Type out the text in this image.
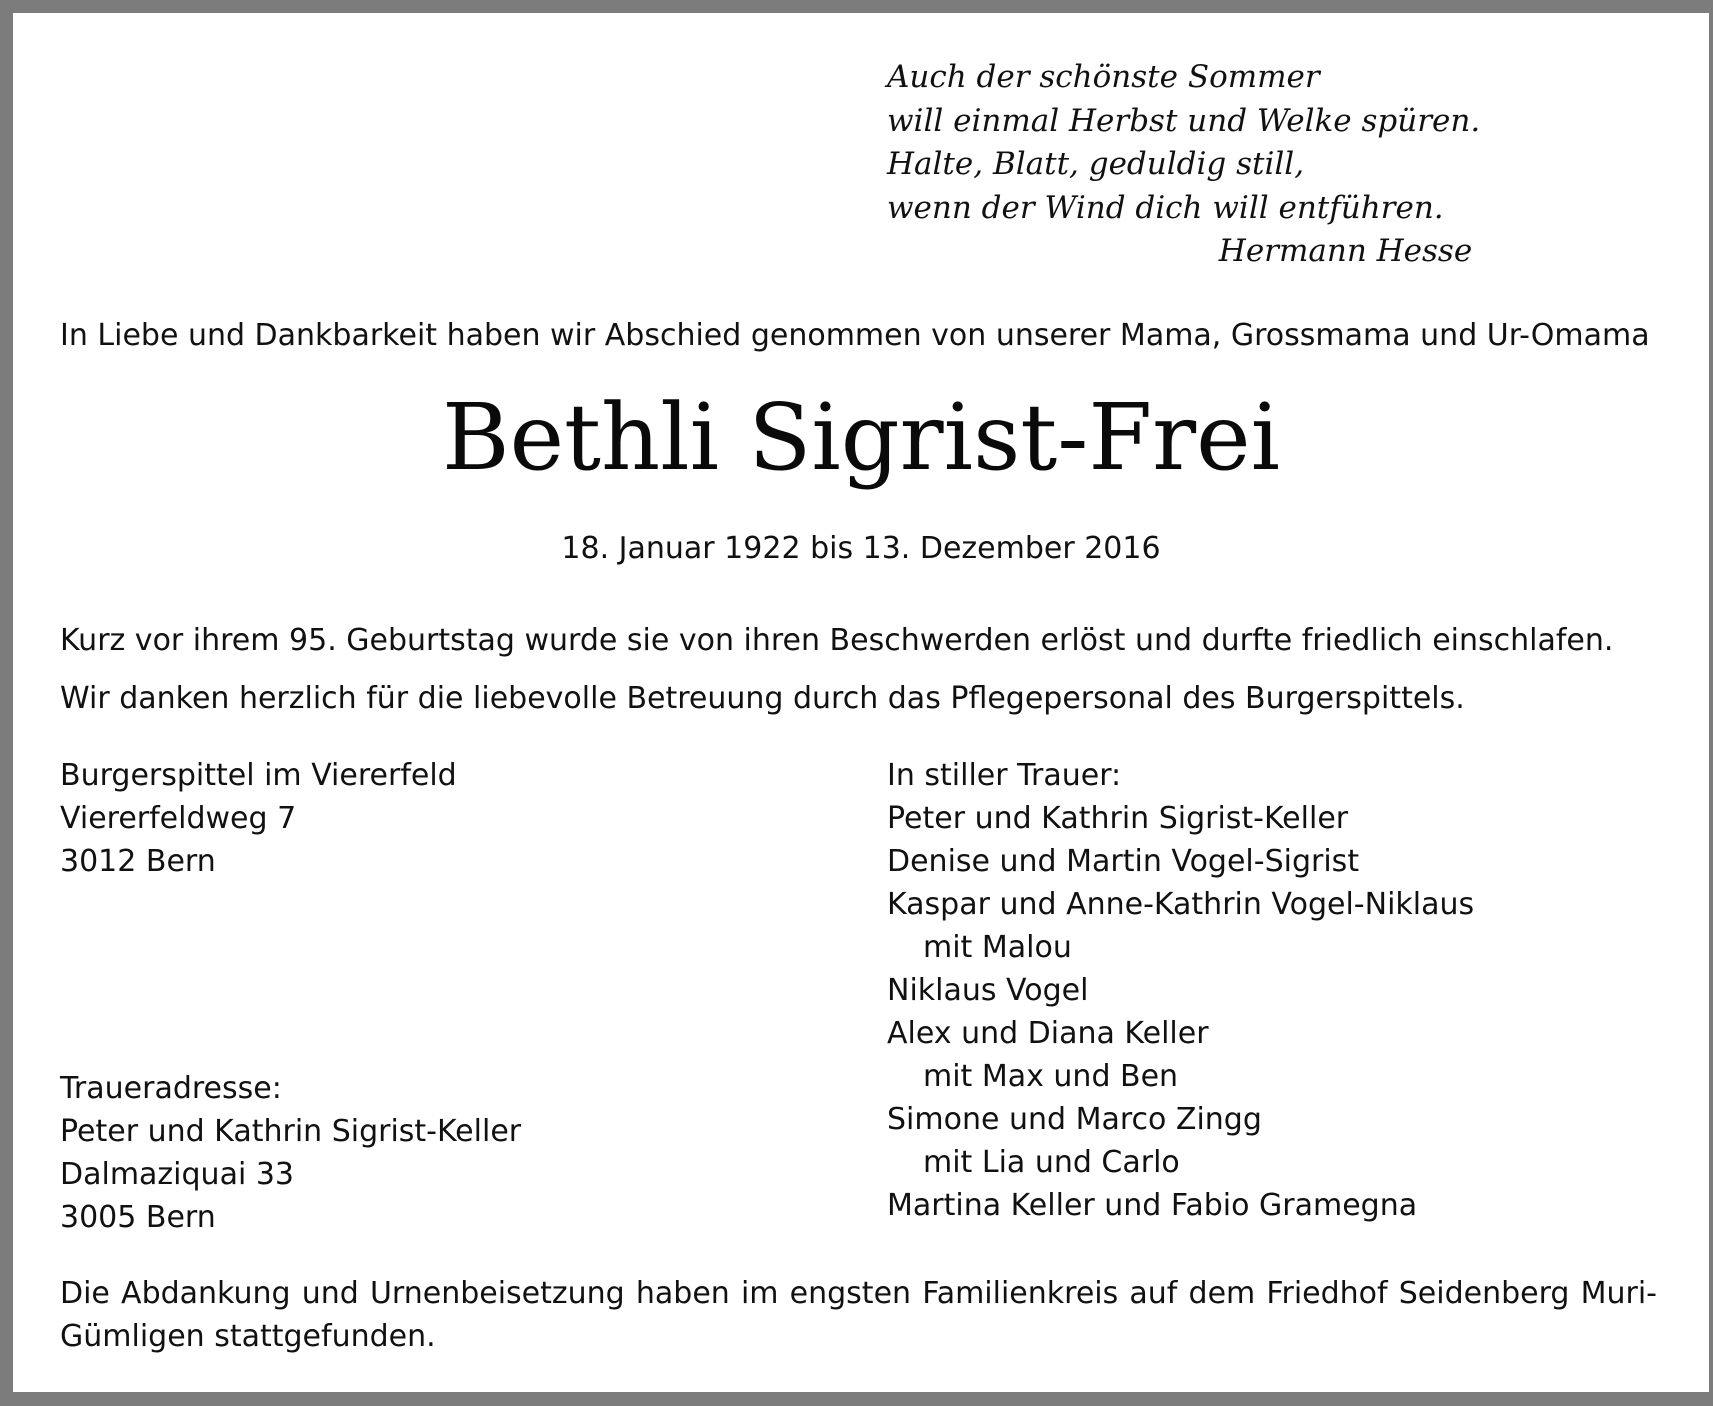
Auch der schönste Sommer
will einmal Herbst und Welke spüren.
Halte, Blatt, geduldig still,
wenn der Wind dich will entführen.
Hermann Hesse
In Liebe und Dankbarkeit haben wir Abschied genommen von unserer Mama, Grossmama und Ur-Omama
Bethli Sigrist-Frei
18. Januar 1922 bis 13. Dezember 2016
Kurz vor ihrem 95. Geburtstag wurde sie von ihren Beschwerden erlöst und durfte friedlich einschlafen.
Wir danken herzlich für die liebevolle Betreuung durch das Pflegepersonal des Burgerspittels.
Burgerspittel im Viererfeld
Viererfeldweg 7
3012 Bern
Traueradresse:
Peter und Kathrin Sigrist-Keller
Dalmaziquai 33
3005 Bern
In stiller Trauer:
Peter und Kathrin Sigrist-Keller
Denise und Martin Vogel-Sigrist
Kaspar und Anne-Kathrin Vogel-Niklaus
mit Malou
Niklaus Vogel
Alex und Diana Keller
mit Max und Ben
Simone und Marco Zingg
mit Lia und Carlo
Martina Keller und Fabio Gramegna
Die Abdankung und Urnenbeisetzung haben im engsten Familienkreis auf dem Friedhof Seidenberg Muri-Gümligen stattgefunden.
